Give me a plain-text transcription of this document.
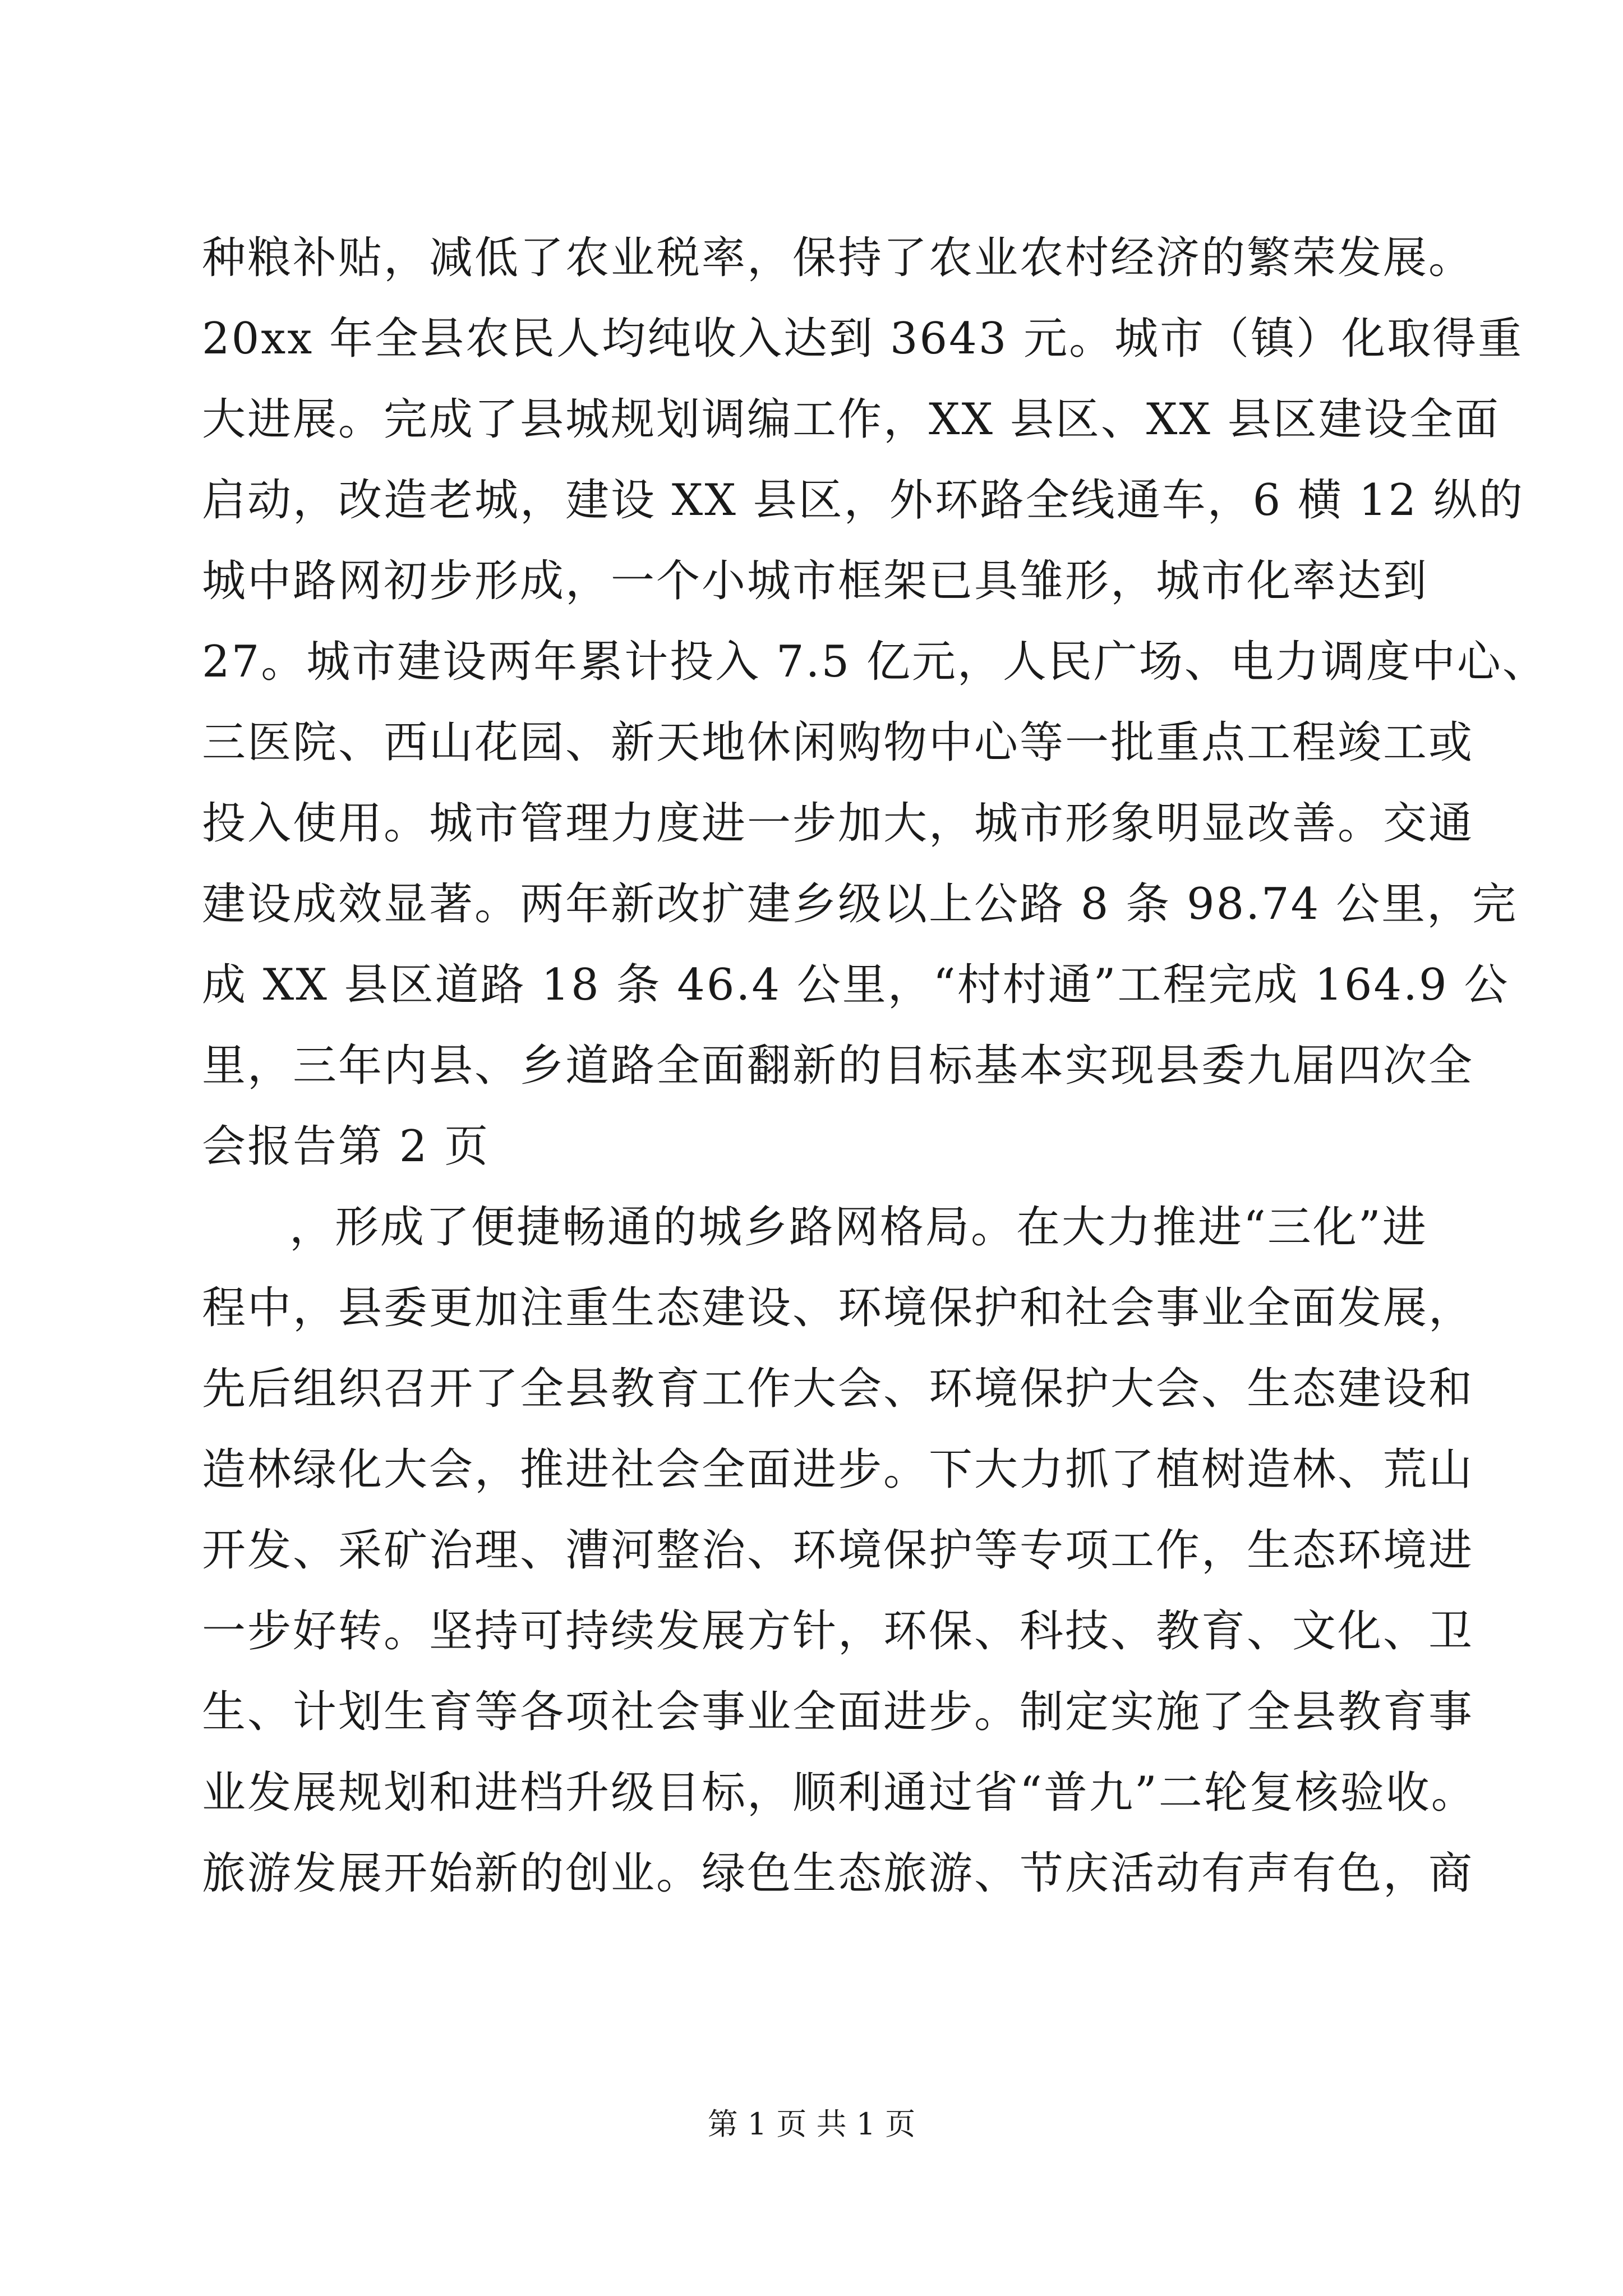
种粮补贴，减低了农业税率，保持了农业农村经济的繁荣发展。
20xx 年全县农民人均纯收入达到 3643 元。城市（镇）化取得重
大进展。完成了县城规划调编工作，XX 县区、XX 县区建设全面
启动，改造老城，建设 XX 县区，外环路全线通车，6 横 12 纵的
城中路网初步形成，一个小城市框架已具雏形，城市化率达到
27。城市建设两年累计投入 7.5 亿元，人民广场、电力调度中心、
三医院、西山花园、新天地休闲购物中心等一批重点工程竣工或
投入使用。城市管理力度进一步加大，城市形象明显改善。交通
建设成效显著。两年新改扩建乡级以上公路 8 条 98.74 公里，完
成 XX 县区道路 18 条 46.4 公里，“村村通”工程完成 164.9 公
里，三年内县、乡道路全面翻新的目标基本实现县委九届四次全
会报告第 2 页
，形成了便捷畅通的城乡路网格局。在大力推进“三化”进
程中，县委更加注重生态建设、环境保护和社会事业全面发展，
先后组织召开了全县教育工作大会、环境保护大会、生态建设和
造林绿化大会，推进社会全面进步。下大力抓了植树造林、荒山
开发、采矿治理、漕河整治、环境保护等专项工作，生态环境进
一步好转。坚持可持续发展方针，环保、科技、教育、文化、卫
生、计划生育等各项社会事业全面进步。制定实施了全县教育事
业发展规划和进档升级目标，顺利通过省“普九”二轮复核验收。
旅游发展开始新的创业。绿色生态旅游、节庆活动有声有色，商
第 1 页 共 1 页
